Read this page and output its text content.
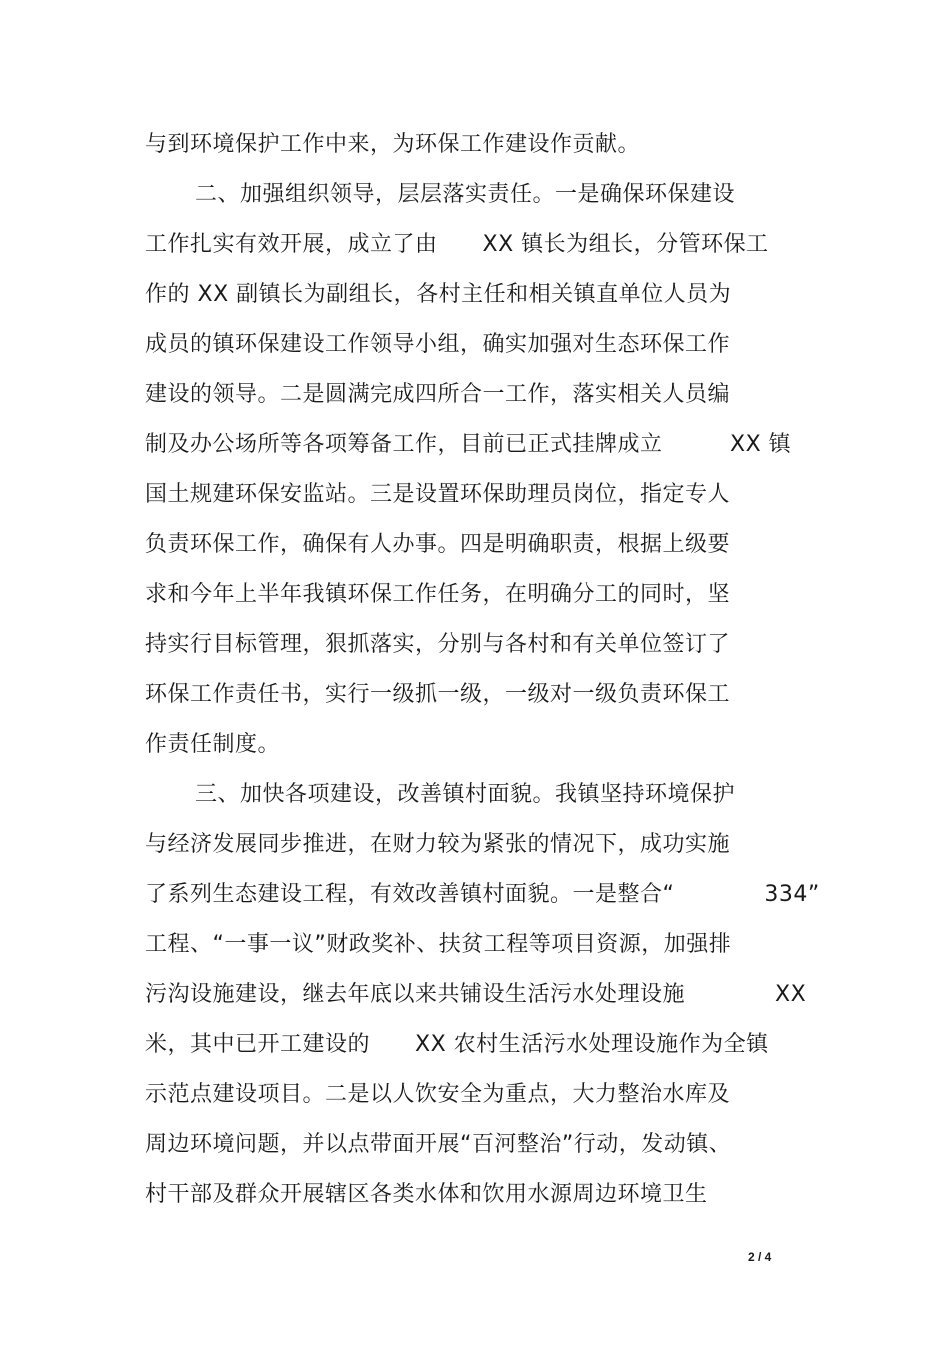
与到环境保护工作中来，为环保工作建设作贡献。
二、加强组织领导，层层落实责任。一是确保环保建设
工作扎实有效开展，成立了由　　XX 镇长为组长，分管环保工
作的 XX 副镇长为副组长，各村主任和相关镇直单位人员为
成员的镇环保建设工作领导小组，确实加强对生态环保工作
建设的领导。二是圆满完成四所合一工作，落实相关人员编
制及办公场所等各项筹备工作，目前已正式挂牌成立　　　XX 镇
国土规建环保安监站。三是设置环保助理员岗位，指定专人
负责环保工作，确保有人办事。四是明确职责，根据上级要
求和今年上半年我镇环保工作任务，在明确分工的同时，坚
持实行目标管理，狠抓落实，分别与各村和有关单位签订了
环保工作责任书，实行一级抓一级，一级对一级负责环保工
作责任制度。
三、加快各项建设，改善镇村面貌。我镇坚持环境保护
与经济发展同步推进，在财力较为紧张的情况下，成功实施
了系列生态建设工程，有效改善镇村面貌。一是整合“　　　　334”
工程、“一事一议”财政奖补、扶贫工程等项目资源，加强排
污沟设施建设，继去年底以来共铺设生活污水处理设施　　　　XX
米，其中已开工建设的　　XX 农村生活污水处理设施作为全镇
示范点建设项目。二是以人饮安全为重点，大力整治水库及
周边环境问题，并以点带面开展“百河整治”行动，发动镇、
村干部及群众开展辖区各类水体和饮用水源周边环境卫生
2 / 4
